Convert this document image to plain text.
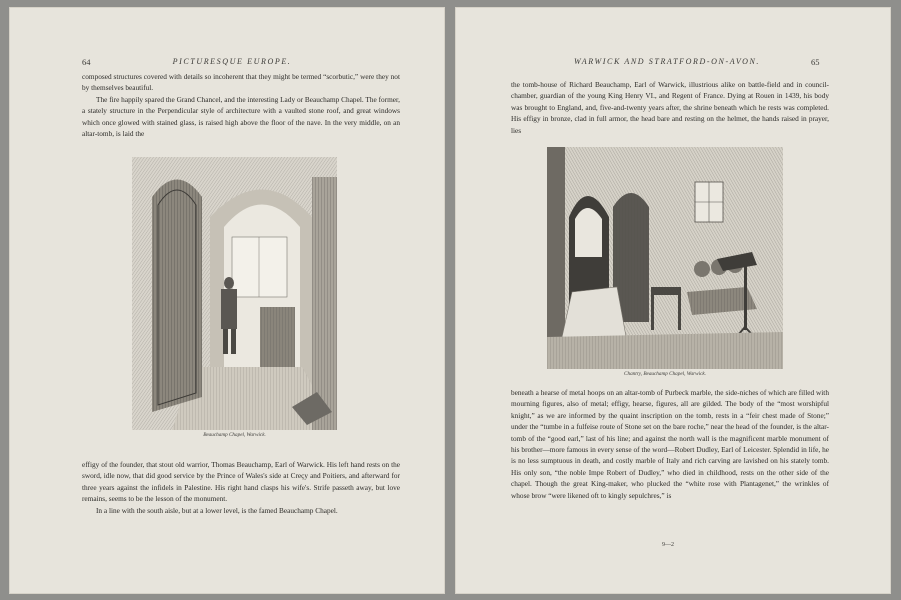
64	PICTURESQUE EUROPE.

composed structures covered with details so incoherent that they might be termed “scorbutic,” were they not by themselves beautiful.

The fire happily spared the Grand Chancel, and the interesting Lady or Beauchamp Chapel. The former, a stately structure in the Perpendicular style of architecture with a vaulted stone roof, and great windows which once glowed with stained glass, is raised high above the floor of the nave. In the very middle, on an altar-tomb, is laid the

Beauchamp Chapel, Warwick.

effigy of the founder, that stout old warrior, Thomas Beauchamp, Earl of Warwick. His left hand rests on the sword, idle now, that did good service by the Prince of Wales's side at Creçy and Poitiers, and afterward for three years against the infidels in Palestine. His right hand clasps his wife's. Strife passeth away, but love remains, seems to be the lesson of the monument.

In a line with the south aisle, but at a lower level, is the famed Beauchamp Chapel.

WARWICK AND STRATFORD-ON-AVON.	65

the tomb-house of Richard Beauchamp, Earl of Warwick, illustrious alike on battle-field and in council-chamber, guardian of the young King Henry VI., and Regent of France. Dying at Rouen in 1439, his body was brought to England, and, five-and-twenty years after, the shrine beneath which he rests was completed. His effigy in bronze, clad in full armor, the head bare and resting on the helmet, the hands raised in prayer, lies

Chantry, Beauchamp Chapel, Warwick.

beneath a hearse of metal hoops on an altar-tomb of Purbeck marble, the side-niches of which are filled with mourning figures, also of metal; effigy, hearse, figures, all are gilded. The body of the “most worshipful knight,” as we are informed by the quaint inscription on the tomb, rests in a “feir chest made of Stone;” under the “tumbe in a fulfeise route of Stone set on the bare roche,” near the head of the founder, is the altar-tomb of the “good earl,” last of his line; and against the north wall is the magnificent marble monument of his brother—more famous in every sense of the word—Robert Dudley, Earl of Leicester. Splendid in life, he is no less sumptuous in death, and costly marble of Italy and rich carving are lavished on his stately tomb. His only son, “the noble Impe Robert of Dudley,” who died in childhood, rests on the other side of the chapel. Though the great King-maker, who plucked the “white rose with Plantagenet,” the wrinkles of whose brow “were likened oft to kingly sepulchres,” is

9—2
